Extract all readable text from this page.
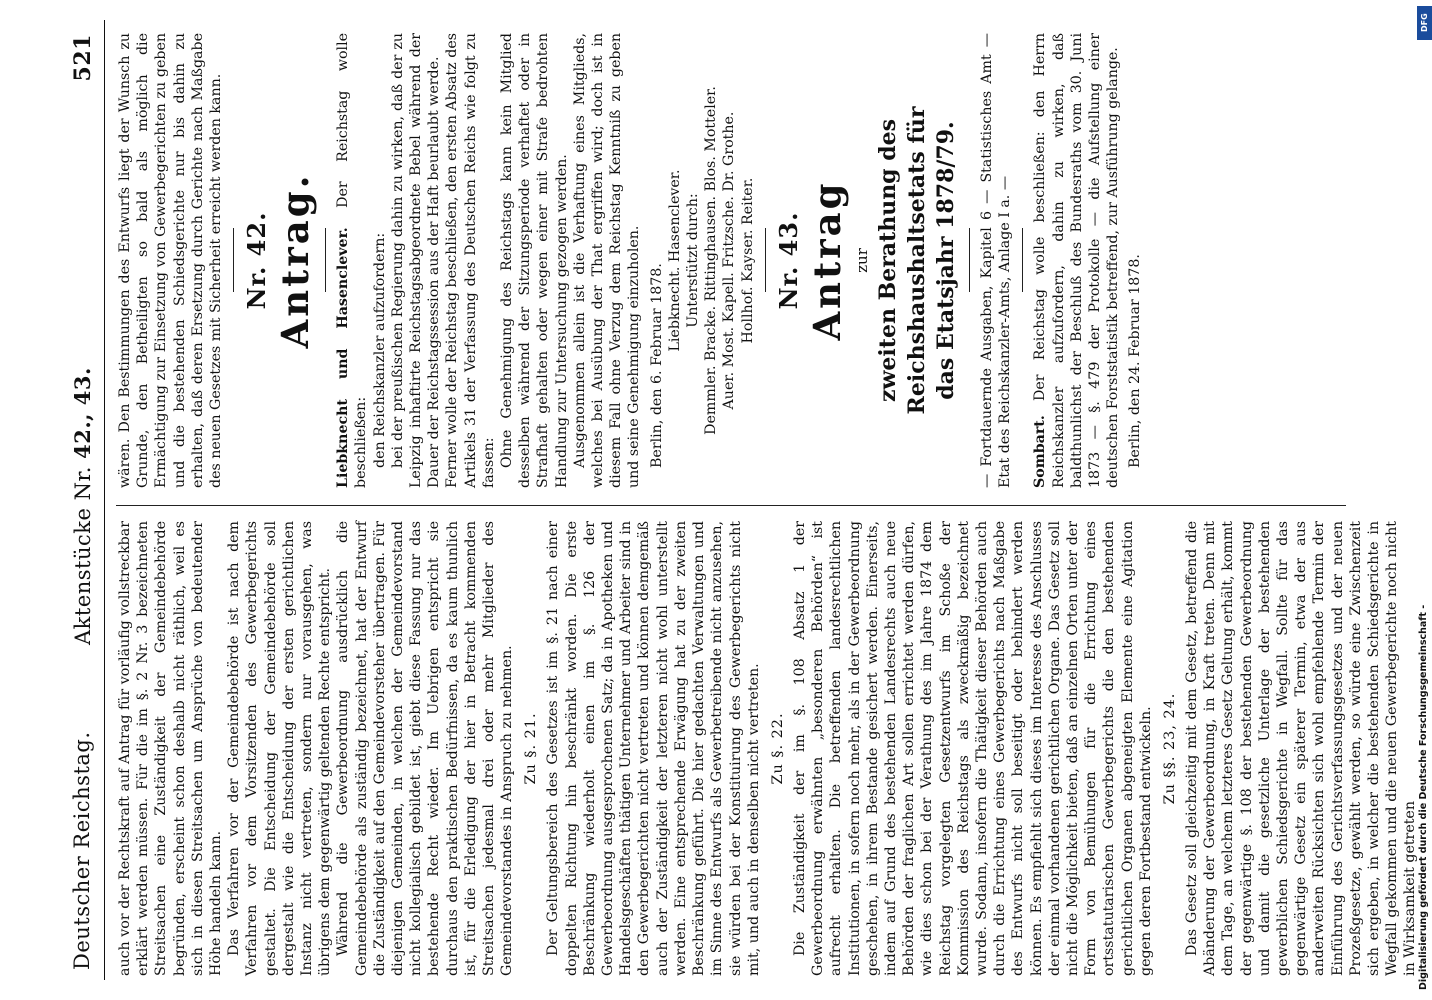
Deutscher Reichstag.
Aktenstücke Nr. 42., 43.
521

auch vor der Rechtskraft auf Antrag für vorläufig vollstreckbar erklärt werden müssen. Für die im §. 2 Nr. 3 bezeichneten Streitsachen eine Zuständigkeit der Gemeindebehörde begründen, erscheint schon deshalb nicht räthlich, weil es sich in diesen Streitsachen um Ansprüche von bedeutender Höhe handeln kann. Das Verfahren vor der Gemeindebehörde ist nach dem Verfahren vor dem Vorsitzenden des Gewerbegerichts gestaltet. Die Entscheidung der Gemeindebehörde soll dergestalt wie die Entscheidung der ersten gerichtlichen Instanz nicht vertreten, sondern nur vorausgehen, was übrigens dem gegenwärtig geltenden Rechte entspricht. Während die Gewerbeordnung ausdrücklich die Gemeindebehörde als zuständig bezeichnet, hat der Entwurf die Zuständigkeit auf den Gemeindevorsteher übertragen. Für diejenigen Gemeinden, in welchen der Gemeindevorstand nicht kollegialisch gebildet ist, giebt diese Fassung nur das bestehende Recht wieder. Im Uebrigen entspricht sie durchaus den praktischen Bedürfnissen, da es kaum thunlich ist, für die Erledigung der hier in Betracht kommenden Streitsachen jedesmal drei oder mehr Mitglieder des Gemeindevorstandes in Anspruch zu nehmen. Zu §. 21. Der Geltungsbereich des Gesetzes ist im §. 21 nach einer doppelten Richtung hin beschränkt worden. Die erste Beschränkung wiederholt einen im §. 126 der Gewerbeordnung ausgesprochenen Satz; da in Apotheken und Handelsgeschäften thätigen Unternehmer und Arbeiter sind in den Gewerbegerichten nicht vertreten und können demgemäß auch der Zuständigkeit der letzteren nicht wohl unterstellt werden. Eine entsprechende Erwägung hat zu der zweiten Beschränkung geführt. Die hier gedachten Verwaltungen und im Sinne des Entwurfs als Gewerbetreibende nicht anzusehen, sie würden bei der Konstituirung des Gewerbegerichts nicht mit, und auch in denselben nicht vertreten. Zu §. 22. Die Zuständigkeit der im §. 108 Absatz 1 der Gewerbeordnung erwähnten „besonderen Behörden“ ist aufrecht erhalten. Die betreffenden landesrechtlichen Institutionen, in sofern noch mehr, als in der Gewerbeordnung geschehen, in ihrem Bestande gesichert werden. Einerseits, indem auf Grund des bestehenden Landesrechts auch neue Behörden der fraglichen Art sollen errichtet werden dürfen, wie dies schon bei der Verathung des im Jahre 1874 dem Reichstag vorgelegten Gesetzentwurfs im Schoße der Kommission des Reichstags als zweckmäßig bezeichnet wurde. Sodann, insofern die Thätigkeit dieser Behörden auch durch die Errichtung eines Gewerbegerichts nach Maßgabe des Entwurfs nicht soll beseitigt oder behindert werden können. Es empfiehlt sich dieses im Interesse des Anschlusses der einmal vorhandenen gerichtlichen Organe. Das Gesetz soll nicht die Möglichkeit bieten, daß an einzelnen Orten unter der Form von Bemühungen für die Errichtung eines ortsstatutarischen Gewerbegerichts die den bestehenden gerichtlichen Organen abgeneigten Elemente eine Agitation gegen deren Fortbestand entwickeln. Zu §§. 23, 24. Das Gesetz soll gleichzeitig mit dem Gesetz, betreffend die Abänderung der Gewerbeordnung, in Kraft treten. Denn mit dem Tage, an welchem letzteres Gesetz Geltung erhält, kommt der gegenwärtige §. 108 der bestehenden Gewerbeordnung und damit die gesetzliche Unterlage der bestehenden gewerblichen Schiedsgerichte in Wegfall. Sollte für das gegenwärtige Gesetz ein späterer Termin, etwa der aus anderweiten Rücksichten sich wohl empfehlende Termin der Einführung des Gerichtsverfassungsgesetzes und der neuen Prozeßgesetze, gewählt werden, so würde eine Zwischenzeit sich ergeben, in welcher die bestehenden Schiedsgerichte in Wegfall gekommen und die neuen Gewerbegerichte noch nicht in Wirksamkeit getreten

wären. Den Bestimmungen des Entwurfs liegt der Wunsch zu Grunde, den Betheiligten so bald als möglich die Ermächtigung zur Einsetzung von Gewerbegerichten zu geben und die bestehenden Schiedsgerichte nur bis dahin zu erhalten, daß deren Ersetzung durch Gerichte nach Maßgabe des neuen Gesetzes mit Sicherheit erreicht werden kann. Nr. 42. Antrag. Liebknecht und Hasenclever. Der Reichstag wolle beschließen: den Reichskanzler aufzufordern: bei der preußischen Regierung dahin zu wirken, daß der zu Leipzig inhaftirte Reichstagsabgeordnete Bebel während der Dauer der Reichstagssession aus der Haft beurlaubt werde. Ferner wolle der Reichstag beschließen, den ersten Absatz des Artikels 31 der Verfassung des Deutschen Reichs wie folgt zu fassen: Ohne Genehmigung des Reichstags kann kein Mitglied desselben während der Sitzungsperiode verhaftet oder in Strafhaft gehalten oder wegen einer mit Strafe bedrohten Handlung zur Untersuchung gezogen werden. Ausgenommen allein ist die Verhaftung eines Mitglieds, welches bei Ausübung der That ergriffen wird; doch ist in diesem Fall ohne Verzug dem Reichstag Kenntniß zu geben und seine Genehmigung einzuholen. Berlin, den 6. Februar 1878.

Liebknecht. Hasenclever. Unterstützt durch: Demmler. Bracke. Rittinghausen. Blos. Motteler. Auer. Most. Kapell. Fritzsche. Dr. Grothe. Hollhof. Kayser. Reiter. Nr. 43. Antrag zur zweiten Berathung des Reichshaushaltsetats für das Etatsjahr 1878/79. — Fortdauernde Ausgaben, Kapitel 6 — Statistisches Amt — Etat des Reichskanzler-Amts, Anlage I a. — Sombart. Der Reichstag wolle beschließen: den Herrn Reichskanzler aufzufordern, dahin zu wirken, daß baldthunlichst der Beschluß des Bundesraths vom 30. Juni 1873 — §. 479 der Protokolle — die Aufstellung einer deutschen Forststatistik betreffend, zur Ausführung gelange. Berlin, den 24. Februar 1878.

Digitalisierung gefördert durch die Deutsche Forschungsgemeinschaft -
DFG
